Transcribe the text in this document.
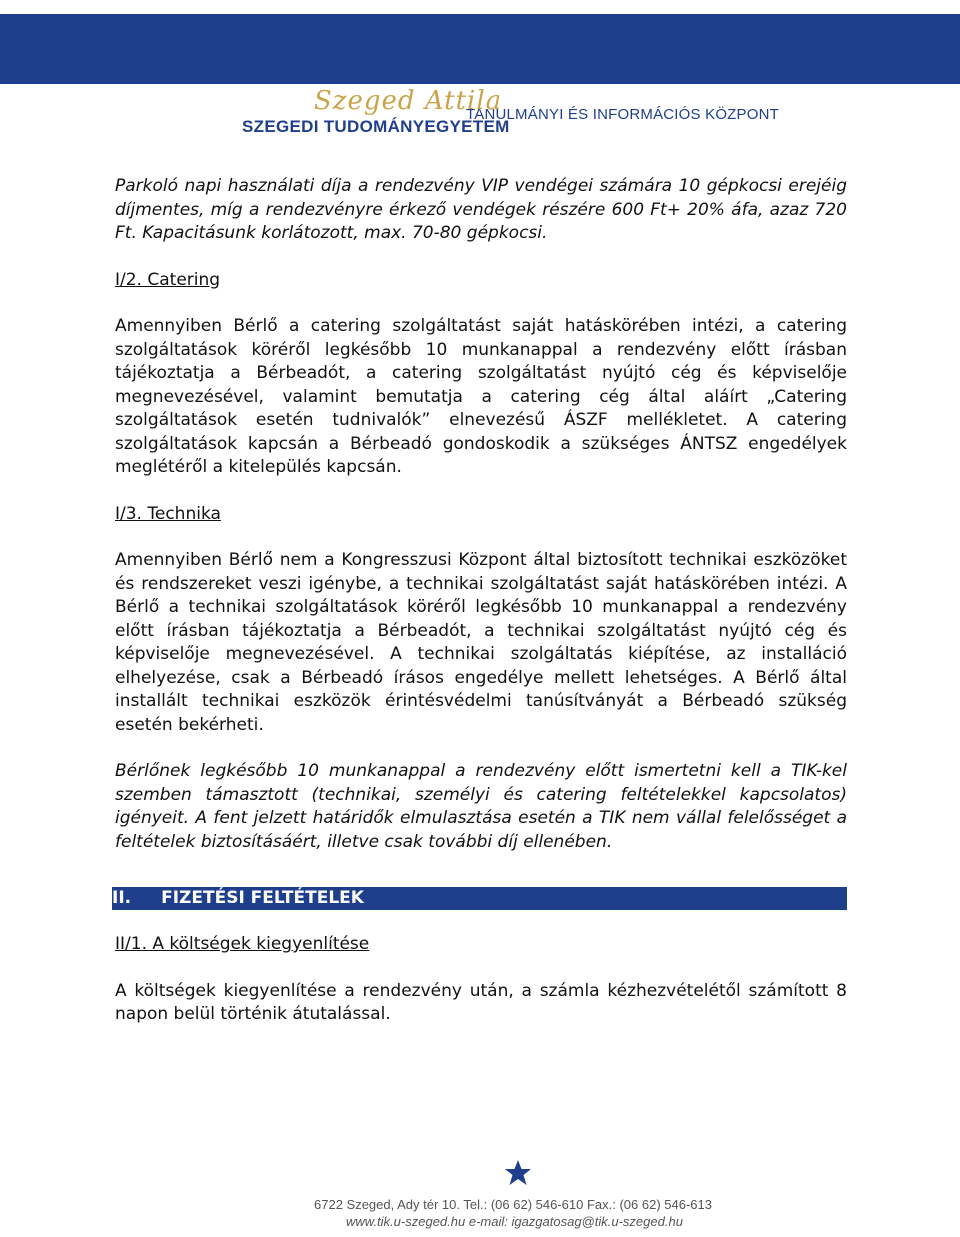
Szeged Attila
TANULMÁNYI ÉS INFORMÁCIÓS KÖZPONT
SZEGEDI TUDOMÁNYEGYETEM

Parkoló napi használati díja a rendezvény VIP vendégei számára 10 gépkocsi erejéig díjmentes, míg a rendezvényre érkező vendégek részére 600 Ft+ 20% áfa, azaz 720 Ft. Kapacitásunk korlátozott, max. 70-80 gépkocsi.

I/2. Catering

Amennyiben Bérlő a catering szolgáltatást saját hatáskörében intézi, a catering szolgáltatások köréről legkésőbb 10 munkanappal a rendezvény előtt írásban tájékoztatja a Bérbeadót, a catering szolgáltatást nyújtó cég és képviselője megnevezésével, valamint bemutatja a catering cég által aláírt „Catering szolgáltatások esetén tudnivalók” elnevezésű ÁSZF mellékletet. A catering szolgáltatások kapcsán a Bérbeadó gondoskodik a szükséges ÁNTSZ engedélyek meglétéről a kitelepülés kapcsán.

I/3. Technika

Amennyiben Bérlő nem a Kongresszusi Központ által biztosított technikai eszközöket és rendszereket veszi igénybe, a technikai szolgáltatást saját hatáskörében intézi. A Bérlő a technikai szolgáltatások köréről legkésőbb 10 munkanappal a rendezvény előtt írásban tájékoztatja a Bérbeadót, a technikai szolgáltatást nyújtó cég és képviselője megnevezésével. A technikai szolgáltatás kiépítése, az installáció elhelyezése, csak a Bérbeadó írásos engedélye mellett lehetséges. A Bérlő által installált technikai eszközök érintésvédelmi tanúsítványát a Bérbeadó szükség esetén bekérheti.

Bérlőnek legkésőbb 10 munkanappal a rendezvény előtt ismertetni kell a TIK-kel szemben támasztott (technikai, személyi és catering feltételekkel kapcsolatos) igényeit. A fent jelzett határidők elmulasztása esetén a TIK nem vállal felelősséget a feltételek biztosításáért, illetve csak további díj ellenében.

II. FIZETÉSI FELTÉTELEK

II/1. A költségek kiegyenlítése

A költségek kiegyenlítése a rendezvény után, a számla kézhezvételétől számított 8 napon belül történik átutalással.

6722 Szeged, Ady tér 10. Tel.: (06 62) 546-610 Fax.: (06 62) 546-613
www.tik.u-szeged.hu e-mail: igazgatosag@tik.u-szeged.hu
